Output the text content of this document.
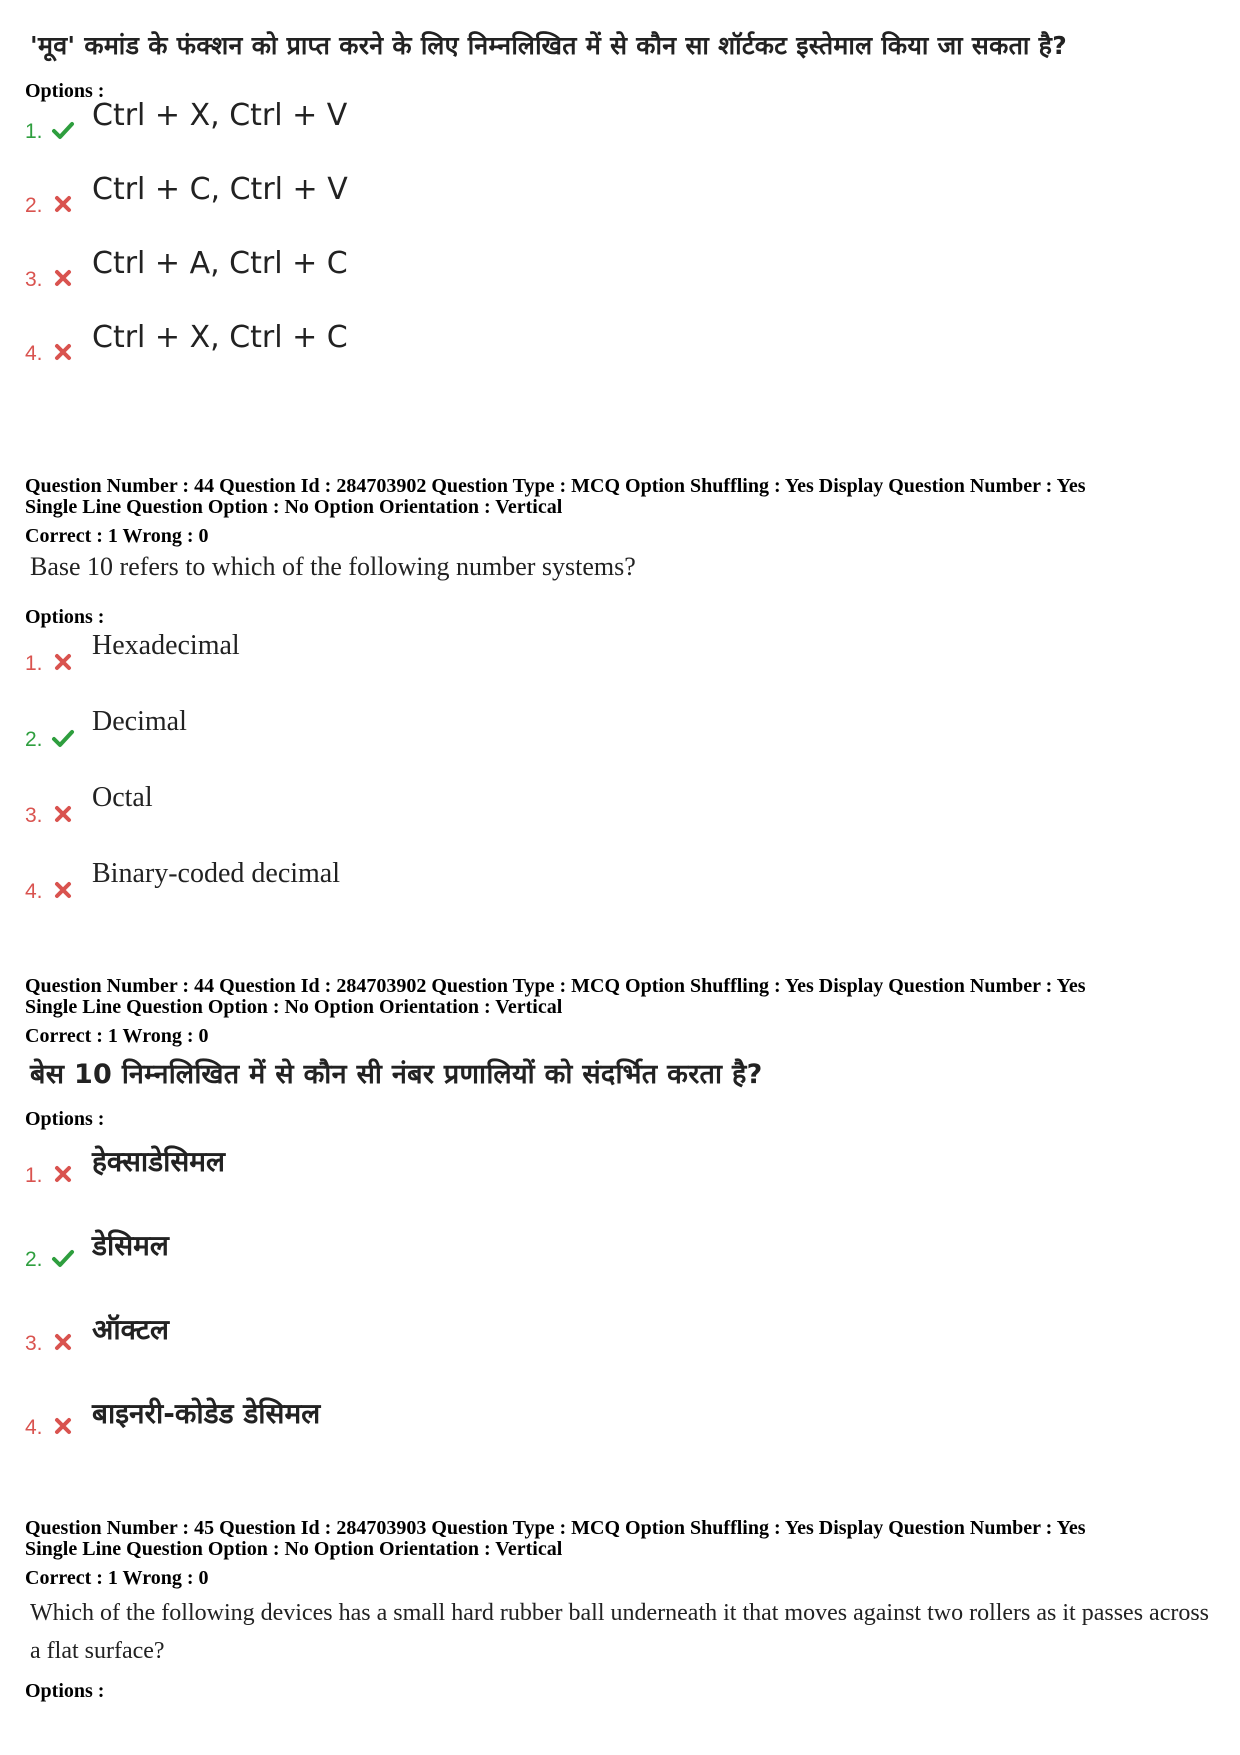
'मूव' कमांड के फंक्शन को प्राप्त करने के लिए निम्नलिखित में से कौन सा शॉर्टकट इस्तेमाल किया जा सकता है?
Options :
1. Ctrl + X, Ctrl + V
2. Ctrl + C, Ctrl + V
3. Ctrl + A, Ctrl + C
4. Ctrl + X, Ctrl + C
Question Number : 44 Question Id : 284703902 Question Type : MCQ Option Shuffling : Yes Display Question Number : Yes
Single Line Question Option : No Option Orientation : Vertical
Correct : 1 Wrong : 0
Base 10 refers to which of the following number systems?
Options :
1.
Hexadecimal
2.
Decimal
3.
Octal
4.
Binary-coded decimal
Question Number : 44 Question Id : 284703902 Question Type : MCQ Option Shuffling : Yes Display Question Number : Yes
Single Line Question Option : No Option Orientation : Vertical
Correct : 1 Wrong : 0
बेस 10 निम्नलिखित में से कौन सी नंबर प्रणालियों को संदर्भित करता है?
Options :
1. हेक्साडेसिमल
2. डेसिमल
3. ऑक्टल
4. बाइनरी-कोडेड डेसिमल
Question Number : 45 Question Id : 284703903 Question Type : MCQ Option Shuffling : Yes Display Question Number : Yes
Single Line Question Option : No Option Orientation : Vertical
Correct : 1 Wrong : 0
Which of the following devices has a small hard rubber ball underneath it that moves against two rollers as it passes across a flat surface?
Options :
